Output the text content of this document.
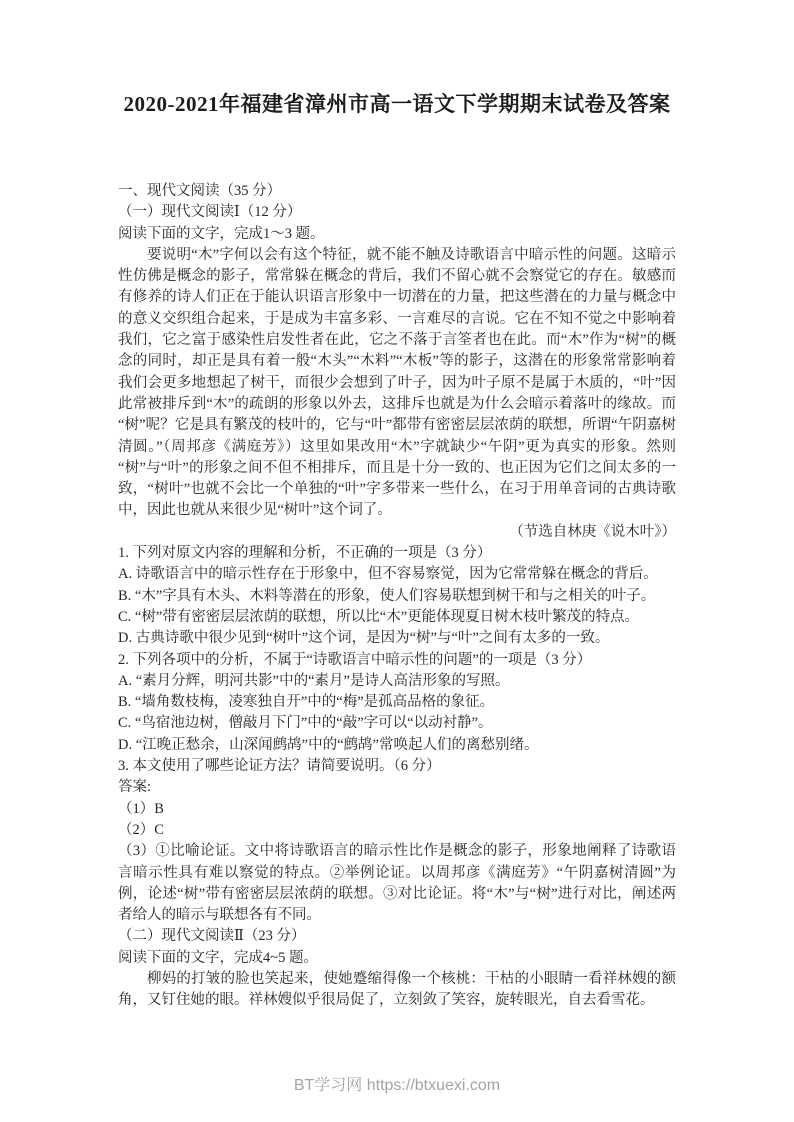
2020-2021年福建省漳州市高一语文下学期期末试卷及答案
一、现代文阅读（35 分）
（一）现代文阅读Ⅰ（12 分）
阅读下面的文字，完成1～3 题。
要说明“木”字何以会有这个特征，就不能不触及诗歌语言中暗示性的问题。这暗示性仿佛是概念的影子，常常躲在概念的背后，我们不留心就不会察觉它的存在。敏感而有修养的诗人们正在于能认识语言形象中一切潜在的力量，把这些潜在的力量与概念中的意义交织组合起来，于是成为丰富多彩、一言难尽的言说。它在不知不觉之中影响着我们，它之富于感染性启发性者在此，它之不落于言筌者也在此。而“木”作为“树”的概念的同时，却正是具有着一般“木头”“木料”“木板”等的影子，这潜在的形象常常影响着我们会更多地想起了树干，而很少会想到了叶子，因为叶子原不是属于木质的，“叶”因此常被排斥到“木”的疏朗的形象以外去，这排斥也就是为什么会暗示着落叶的缘故。而“树”呢？它是具有繁茂的枝叶的，它与“叶”都带有密密层层浓荫的联想，所谓“午阴嘉树清圆。”（周邦彦《满庭芳》）这里如果改用“木”字就缺少“午阴”更为真实的形象。然则“树”与“叶”的形象之间不但不相排斥，而且是十分一致的、也正因为它们之间太多的一致，“树叶”也就不会比一个单独的“叶”字多带来一些什么，在习于用单音词的古典诗歌中，因此也就从来很少见“树叶”这个词了。
（节选自林庚《说木叶》）
1. 下列对原文内容的理解和分析，不正确的一项是（3 分）
A. 诗歌语言中的暗示性存在于形象中，但不容易察觉，因为它常常躲在概念的背后。
B. “木”字具有木头、木料等潜在的形象，使人们容易联想到树干和与之相关的叶子。
C. “树”带有密密层层浓荫的联想，所以比“木”更能体现夏日树木枝叶繁茂的特点。
D. 古典诗歌中很少见到“树叶”这个词，是因为“树”与“叶”之间有太多的一致。
2. 下列各项中的分析，不属于“诗歌语言中暗示性的问题”的一项是（3 分）
A. “素月分辉，明河共影”中的“素月”是诗人高洁形象的写照。
B. “墙角数枝梅，凌寒独自开”中的“梅”是孤高品格的象征。
C. “鸟宿池边树，僧敲月下门”中的“敲”字可以“以动衬静”。
D. “江晚正愁余，山深闻鹧鸪”中的“鹧鸪”常唤起人们的离愁别绪。
3. 本文使用了哪些论证方法？请简要说明。（6 分）
答案:
（1）B
（2）C
（3）①比喻论证。文中将诗歌语言的暗示性比作是概念的影子，形象地阐释了诗歌语言暗示性具有难以察觉的特点。②举例论证。以周邦彦《满庭芳》“午阴嘉树清圆”为例，论述“树”带有密密层层浓荫的联想。③对比论证。将“木”与“树”进行对比，阐述两者给人的暗示与联想各有不同。
（二）现代文阅读Ⅱ（23 分）
阅读下面的文字，完成4~5 题。
柳妈的打皱的脸也笑起来，使她蹙缩得像一个核桃：干枯的小眼睛一看祥林嫂的额角，又钉住她的眼。祥林嫂似乎很局促了，立刻敛了笑容，旋转眼光，自去看雪花。
BT学习网 https://btxuexi.com
